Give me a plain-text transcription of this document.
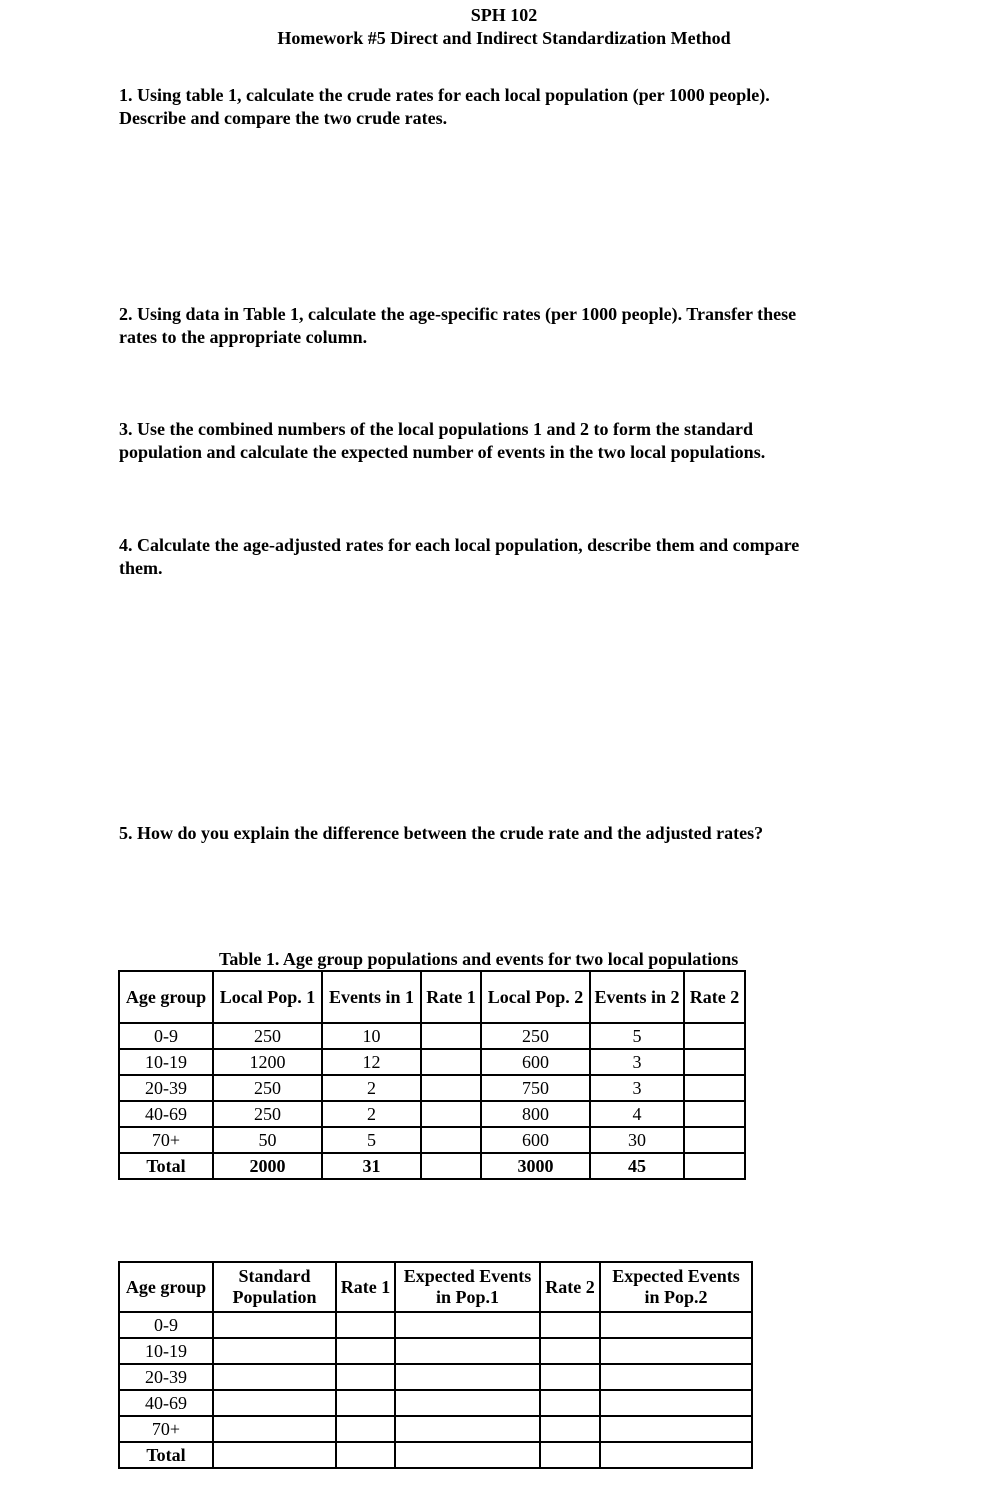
SPH 102
Homework #5 Direct and Indirect Standardization Method
1. Using table 1, calculate the crude rates for each local population (per 1000 people).
Describe and compare the two crude rates.
2. Using data in Table 1, calculate the age-specific rates (per 1000 people). Transfer these
rates to the appropriate column.
3. Use the combined numbers of the local populations 1 and 2 to form the standard
population and calculate the expected number of events in the two local populations.
4. Calculate the age-adjusted rates for each local population, describe them and compare
them.
5. How do you explain the difference between the crude rate and the adjusted rates?
Table 1. Age group populations and events for two local populations
Age group	Local Pop. 1	Events in 1	Rate 1	Local Pop. 2	Events in 2	Rate 2
0-9	250	10		250	5	
10-19	1200	12		600	3	
20-39	250	2		750	3	
40-69	250	2		800	4	
70+	50	5		600	30	
Total	2000	31		3000	45	
Age group	Standard Population	Rate 1	Expected Events in Pop.1	Rate 2	Expected Events in Pop.2
0-9					
10-19					
20-39					
40-69					
70+					
Total					
